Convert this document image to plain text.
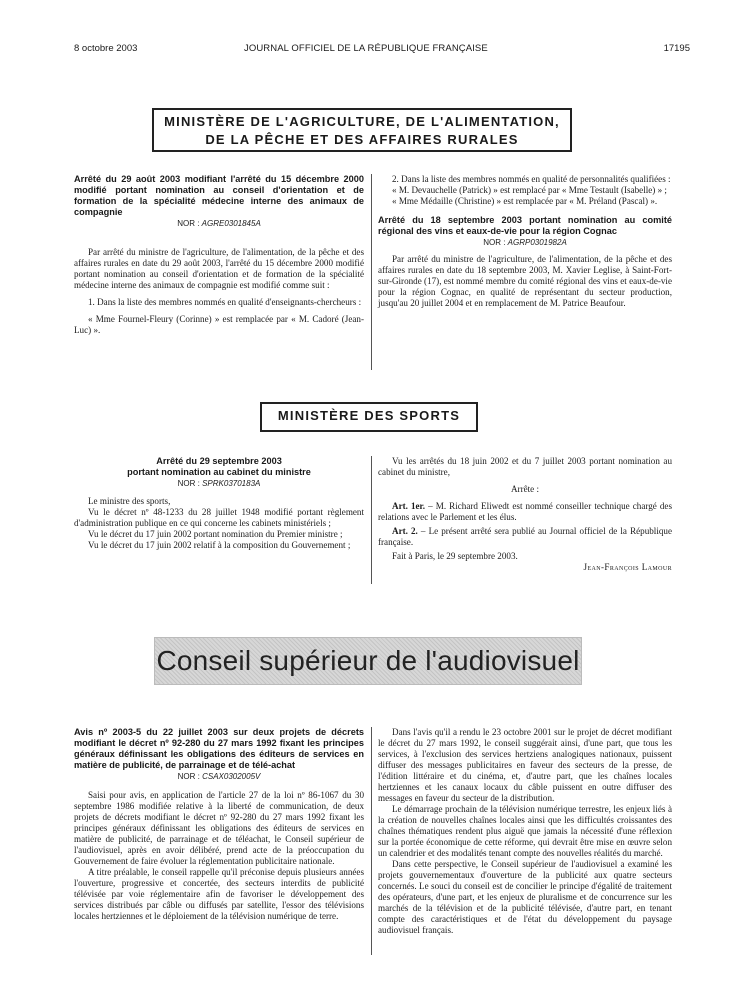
8 octobre 2003	JOURNAL OFFICIEL DE LA RÉPUBLIQUE FRANÇAISE	17195
MINISTÈRE DE L'AGRICULTURE, DE L'ALIMENTATION,
DE LA PÊCHE ET DES AFFAIRES RURALES

Arrêté du 29 août 2003 modifiant l'arrêté du 15 décembre 2000 modifié portant nomination au conseil d'orientation et de formation de la spécialité médecine interne des animaux de compagnie

NOR : AGRE0301845A

Par arrêté du ministre de l'agriculture, de l'alimentation, de la pêche et des affaires rurales en date du 29 août 2003, l'arrêté du 15 décembre 2000 modifié portant nomination au conseil d'orientation et de formation de la spécialité médecine interne des animaux de compagnie est modifié comme suit :

1. Dans la liste des membres nommés en qualité d'enseignants-chercheurs :

« Mme Fournel-Fleury (Corinne) » est remplacée par « M. Cadoré (Jean-Luc) ».

2. Dans la liste des membres nommés en qualité de personnalités qualifiées :

« M. Devauchelle (Patrick) » est remplacé par « Mme Testault (Isabelle) » ;

« Mme Médaille (Christine) » est remplacée par « M. Préland (Pascal) ».

Arrêté du 18 septembre 2003 portant nomination au comité régional des vins et eaux-de-vie pour la région Cognac

NOR : AGRP0301982A

Par arrêté du ministre de l'agriculture, de l'alimentation, de la pêche et des affaires rurales en date du 18 septembre 2003, M. Xavier Leglise, à Saint-Fort-sur-Gironde (17), est nommé membre du comité régional des vins et eaux-de-vie pour la région Cognac, en qualité de représentant du secteur production, jusqu'au 20 juillet 2004 et en remplacement de M. Patrice Beaufour.

MINISTÈRE DES SPORTS

Arrêté du 29 septembre 2003

portant nomination au cabinet du ministre

NOR : SPRK0370183A

Le ministre des sports,

Vu le décret nº 48-1233 du 28 juillet 1948 modifié portant règlement d'administration publique en ce qui concerne les cabinets ministériels ;

Vu le décret du 17 juin 2002 portant nomination du Premier ministre ;

Vu le décret du 17 juin 2002 relatif à la composition du Gouvernement ;

Vu les arrêtés du 18 juin 2002 et du 7 juillet 2003 portant nomination au cabinet du ministre,

Arrête :

Art. 1er. – M. Richard Eliwedt est nommé conseiller technique chargé des relations avec le Parlement et les élus.

Art. 2. – Le présent arrêté sera publié au Journal officiel de la République française.

Fait à Paris, le 29 septembre 2003.

Jean-François Lamour

Conseil supérieur de l'audiovisuel

Avis nº 2003-5 du 22 juillet 2003 sur deux projets de décrets modifiant le décret nº 92-280 du 27 mars 1992 fixant les principes généraux définissant les obligations des éditeurs de services en matière de publicité, de parrainage et de télé-achat

NOR : CSAX0302005V

Saisi pour avis, en application de l'article 27 de la loi nº 86-1067 du 30 septembre 1986 modifiée relative à la liberté de communication, de deux projets de décrets modifiant le décret nº 92-280 du 27 mars 1992 fixant les principes généraux définissant les obligations des éditeurs de services en matière de publicité, de parrainage et de téléachat, le Conseil supérieur de l'audiovisuel, après en avoir délibéré, prend acte de la préoccupation du Gouvernement de faire évoluer la réglementation publicitaire nationale.

A titre préalable, le conseil rappelle qu'il préconise depuis plusieurs années l'ouverture, progressive et concertée, des secteurs interdits de publicité télévisée par voie réglementaire afin de favoriser le développement des services distribués par câble ou diffusés par satellite, l'essor des télévisions locales hertziennes et le déploiement de la télévision numérique de terre.

Dans l'avis qu'il a rendu le 23 octobre 2001 sur le projet de décret modifiant le décret du 27 mars 1992, le conseil suggérait ainsi, d'une part, que tous les services, à l'exclusion des services hertziens analogiques nationaux, puissent diffuser des messages publicitaires en faveur des secteurs de la presse, de l'édition littéraire et du cinéma, et, d'autre part, que les chaînes locales hertziennes et les canaux locaux du câble puissent en outre diffuser des messages en faveur du secteur de la distribution.

Le démarrage prochain de la télévision numérique terrestre, les enjeux liés à la création de nouvelles chaînes locales ainsi que les difficultés croissantes des chaînes thématiques rendent plus aiguë que jamais la nécessité d'une réflexion sur la portée économique de cette réforme, qui devrait être mise en œuvre selon un calendrier et des modalités tenant compte des nouvelles réalités du marché.

Dans cette perspective, le Conseil supérieur de l'audiovisuel a examiné les projets gouvernementaux d'ouverture de la publicité aux quatre secteurs concernés. Le souci du conseil est de concilier le principe d'égalité de traitement des opérateurs, d'une part, et les enjeux de pluralisme et de concurrence sur les marchés de la télévision et de la publicité télévisée, d'autre part, en tenant compte des caractéristiques et de l'état du développement du paysage audiovisuel français.
